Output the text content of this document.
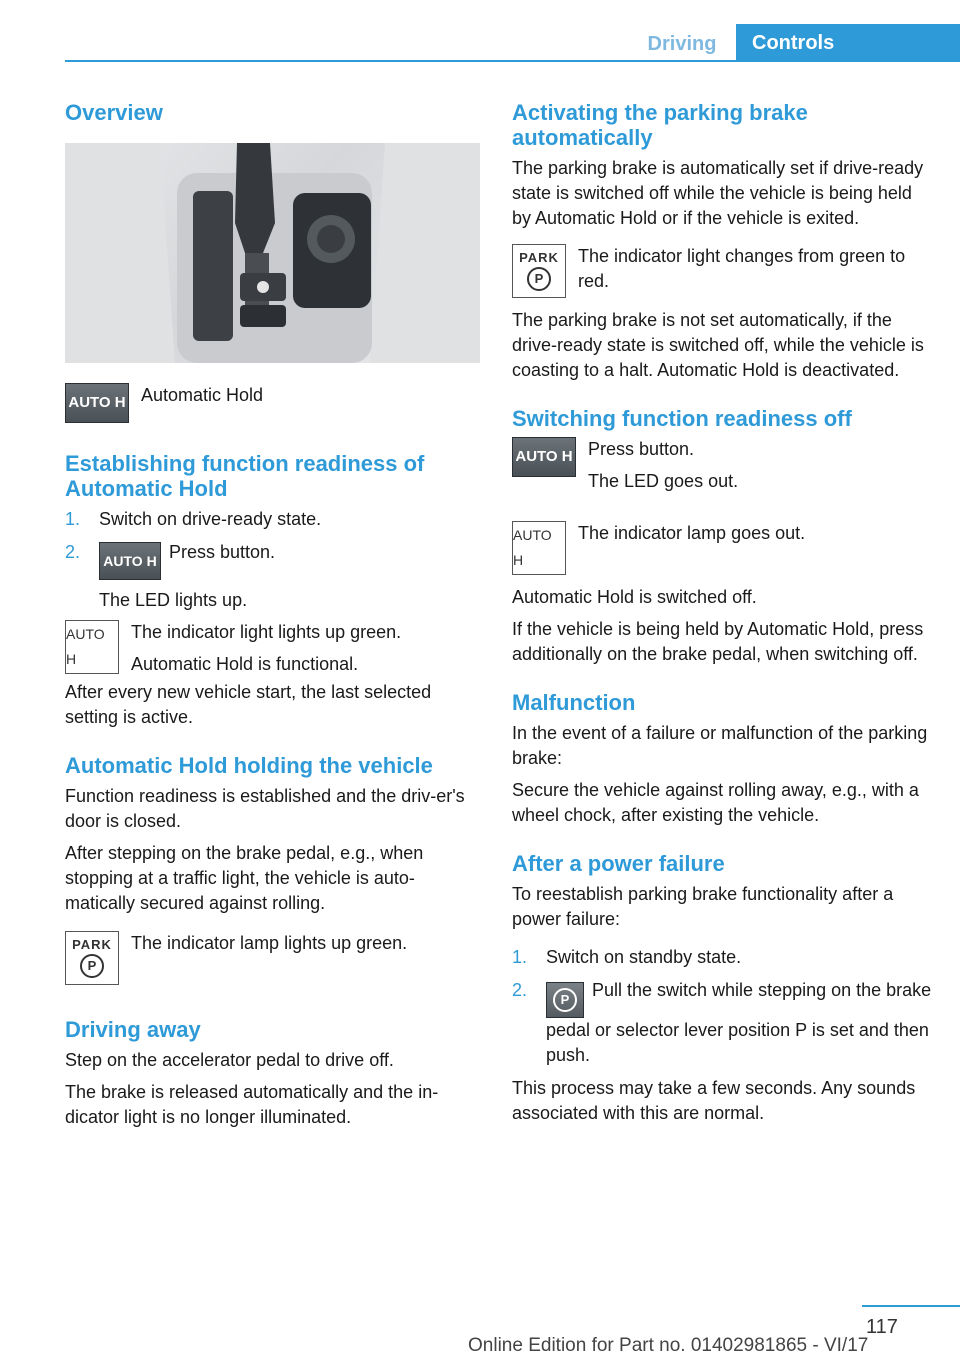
Driving	Controls
Overview
AUTO H Automatic Hold
Establishing function readiness of Automatic Hold
1. Switch on drive-ready state.
2. AUTO H Press button.

The LED lights up.

AUTO H

The indicator light lights up green.

Automatic Hold is functional.

After every new vehicle start, the last selected setting is active.

Automatic Hold holding the vehicle

Function readiness is established and the driv-er's door is closed.

After stepping on the brake pedal, e.g., when stopping at a traffic light, the vehicle is auto-matically secured against rolling.

PARK
P
The indicator lamp lights up green.
Driving away

Step on the accelerator pedal to drive off.

The brake is released automatically and the in-dicator light is no longer illuminated.

Activating the parking brake automatically

The parking brake is automatically set if drive-ready state is switched off while the vehicle is being held by Automatic Hold or if the vehicle is exited.

PARK
P
The indicator light changes from green to red.

The parking brake is not set automatically, if the drive-ready state is switched off, while the vehicle is coasting to a halt. Automatic Hold is deactivated.

Switching function readiness off
AUTO H Press button.

The LED goes out.

AUTO H
The indicator lamp goes out.

Automatic Hold is switched off.

If the vehicle is being held by Automatic Hold, press additionally on the brake pedal, when switching off.

Malfunction

In the event of a failure or malfunction of the parking brake:

Secure the vehicle against rolling away, e.g., with a wheel chock, after existing the vehicle.

After a power failure

To reestablish parking brake functionality after a power failure:

1. Switch on standby state.
2.	P	Pull the switch while stepping on the brake pedal or selector lever position P is set and then push.

This process may take a few seconds. Any sounds associated with this are normal.

117
Online Edition for Part no. 01402981865 - VI/17
